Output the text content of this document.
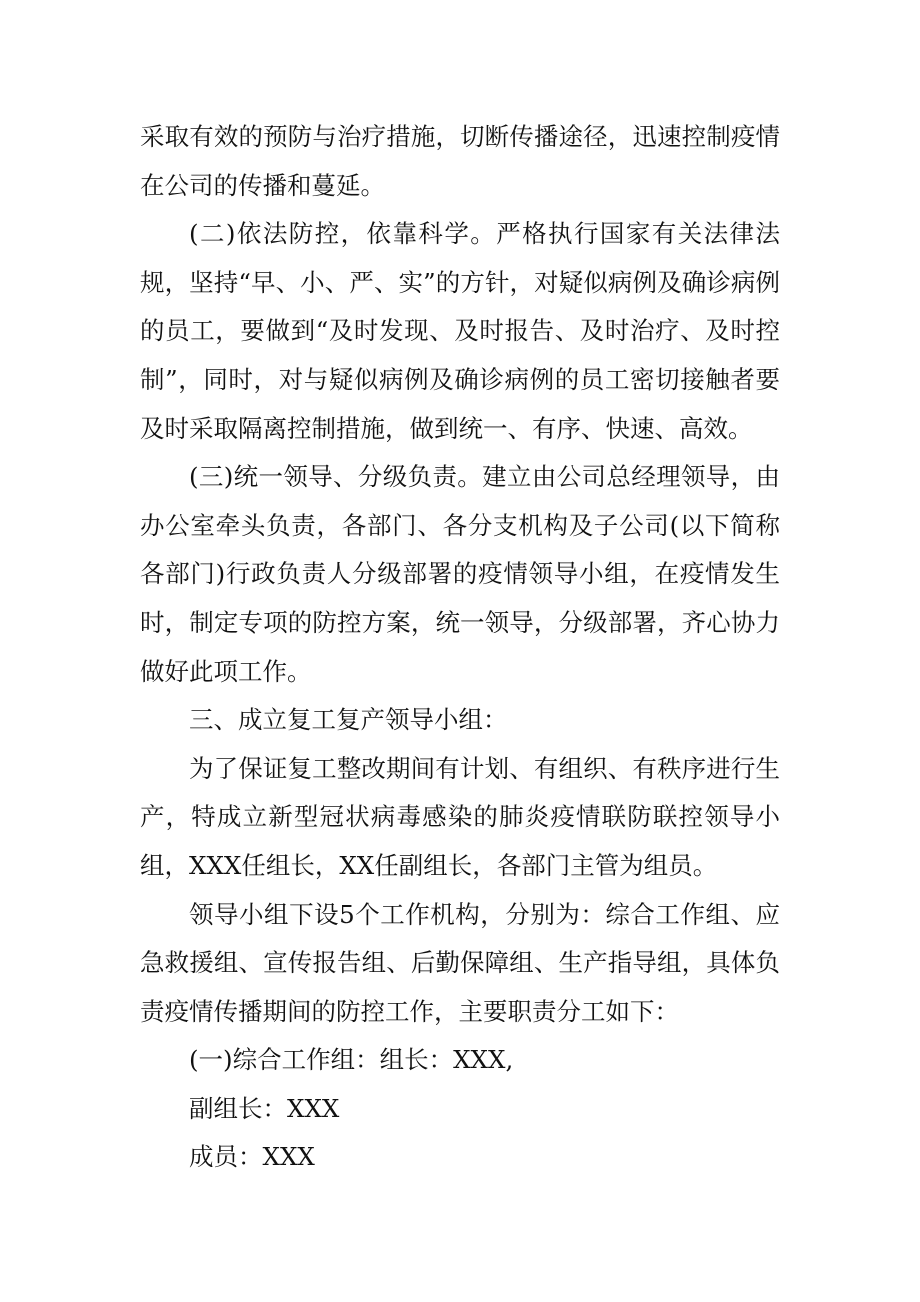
采取有效的预防与治疗措施，切断传播途径，迅速控制疫情在公司的传播和蔓延。

(二)依法防控，依靠科学。严格执行国家有关法律法规，坚持“早、小、严、实”的方针，对疑似病例及确诊病例的员工，要做到“及时发现、及时报告、及时治疗、及时控制”，同时，对与疑似病例及确诊病例的员工密切接触者要及时采取隔离控制措施，做到统一、有序、快速、高效。

(三)统一领导、分级负责。建立由公司总经理领导，由办公室牵头负责，各部门、各分支机构及子公司(以下简称各部门)行政负责人分级部署的疫情领导小组，在疫情发生时，制定专项的防控方案，统一领导，分级部署，齐心协力做好此项工作。

三、成立复工复产领导小组：

为了保证复工整改期间有计划、有组织、有秩序进行生产，特成立新型冠状病毒感染的肺炎疫情联防联控领导小组，XXX任组长，XX任副组长，各部门主管为组员。

领导小组下设5个工作机构，分别为：综合工作组、应急救援组、宣传报告组、后勤保障组、生产指导组，具体负责疫情传播期间的防控工作，主要职责分工如下：

(一)综合工作组：组长：XXX,

副组长：XXX

成员：XXX
